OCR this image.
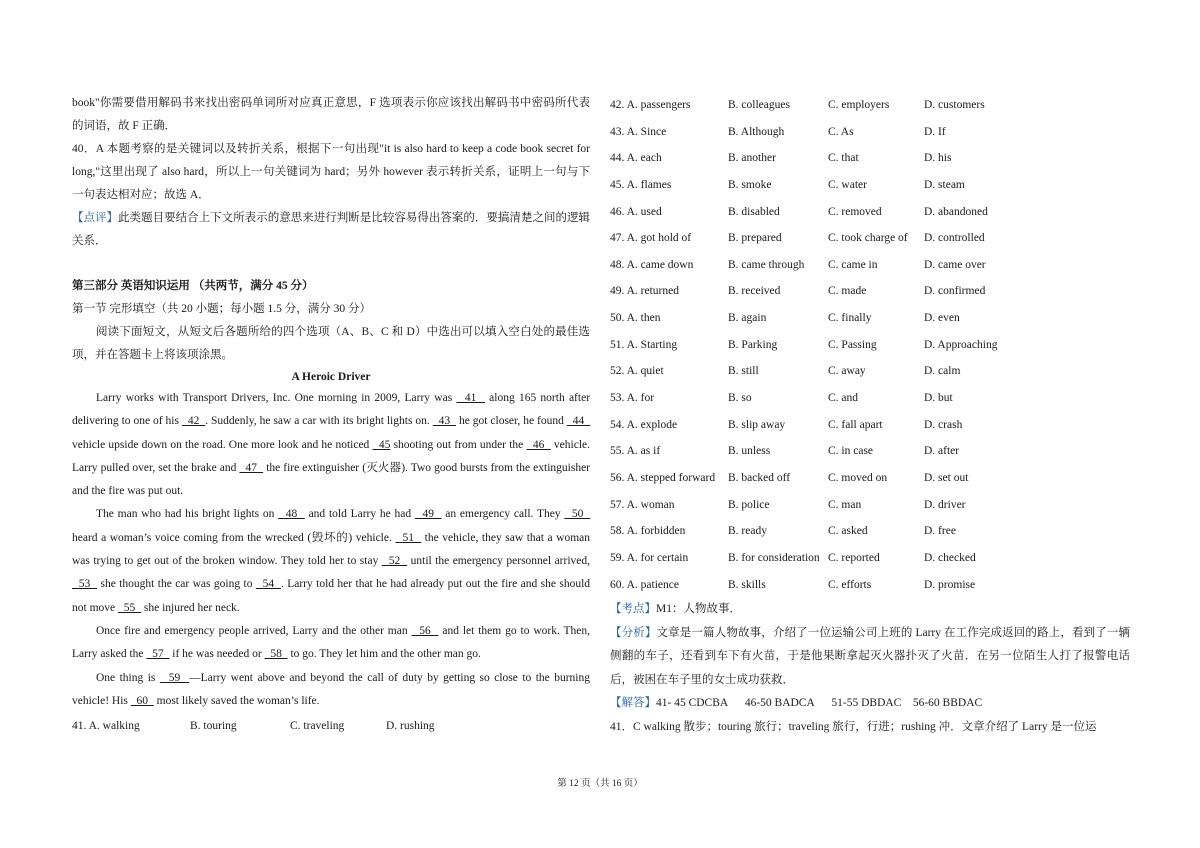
book"你需要借用解码书来找出密码单词所对应真正意思，F 选项表示你应该找出解码书中密码所代表的词语，故 F 正确．

40．A 本题考察的是关键词以及转折关系，根据下一句出现"it is also hard to keep a code book secret for long,"这里出现了 also hard，所以上一句关键词为 hard；另外 however 表示转折关系，证明上一句与下一句表达相对应；故选 A．

【点评】此类题目要结合上下文所表示的意思来进行判断是比较容易得出答案的．要搞清楚之间的逻辑关系．

第三部分 英语知识运用 （共两节，满分 45 分）

第一节 完形填空（共 20 小题；每小题 1.5 分，满分 30 分）

阅读下面短文，从短文后各题所给的四个选项（A、B、C 和 D）中选出可以填入空白处的最佳选项，并在答题卡上将该项涂黑。

A Heroic Driver

Larry works with Transport Drivers, Inc. One morning in 2009, Larry was   41   along 165 north after delivering to one of his   42  . Suddenly, he saw a car with its bright lights on.   43   he got closer, he found   44   vehicle upside down on the road. One more look and he noticed   45 shooting out from under the   46   vehicle. Larry pulled over, set the brake and   47   the fire extinguisher (灭火器). Two good bursts from the extinguisher and the fire was put out.

The man who had his bright lights on   48   and told Larry he had   49   an emergency call. They   50   heard a woman’s voice coming from the wrecked (毁坏的) vehicle.   51   the vehicle, they saw that a woman was trying to get out of the broken window. They told her to stay   52   until the emergency personnel arrived,   53   she thought the car was going to   54  . Larry told her that he had already put out the fire and she should not move   55   she injured her neck.

Once fire and emergency people arrived, Larry and the other man   56   and let them go to work. Then, Larry asked the   57   if he was needed or   58   to go. They let him and the other man go.

One thing is   59  —Larry went above and beyond the call of duty by getting so close to the burning vehicle! His   60   most likely saved the woman’s life.

41. A. walking	B. touring	C. traveling	D. rushing
42. A. passengers	B. colleagues	C. employers	D. customers
43. A. Since	B. Although	C. As	D. If
44. A. each	B. another	C. that	D. his
45. A. flames	B. smoke	C. water	D. steam
46. A. used	B. disabled	C. removed	D. abandoned
47. A. got hold of	B. prepared	C. took charge of	D. controlled
48. A. came down	B. came through	C. came in	D. came over
49. A. returned	B. received	C. made	D. confirmed
50. A. then	B. again	C. finally	D. even
51. A. Starting	B. Parking	C. Passing	D. Approaching
52. A. quiet	B. still	C. away	D. calm
53. A. for	B. so	C. and	D. but
54. A. explode	B. slip away	C. fall apart	D. crash
55. A. as if	B. unless	C. in case	D. after
56. A. stepped forward	B. backed off	C. moved on	D. set out
57. A. woman	B. police	C. man	D. driver
58. A. forbidden	B. ready	C. asked	D. free
59. A. for certain	B. for consideration C. reported	D. checked
60. A. patience	B. skills	C. efforts	D. promise

【考点】M1：人物故事．

【分析】文章是一篇人物故事，介绍了一位运输公司上班的 Larry 在工作完成返回的路上，看到了一辆侧翻的车子，还看到车下有火苗，于是他果断拿起灭火器扑灭了火苗．在另一位陌生人打了报警电话后，被困在车子里的女士成功获救．

【解答】41- 45 CDCBA      46-50 BADCA      51-55 DBDAC    56-60 BBDAC

41．C walking 散步；touring 旅行；traveling 旅行，行进；rushing 冲．文章介绍了 Larry 是一位运

第 12 页（共 16 页）
